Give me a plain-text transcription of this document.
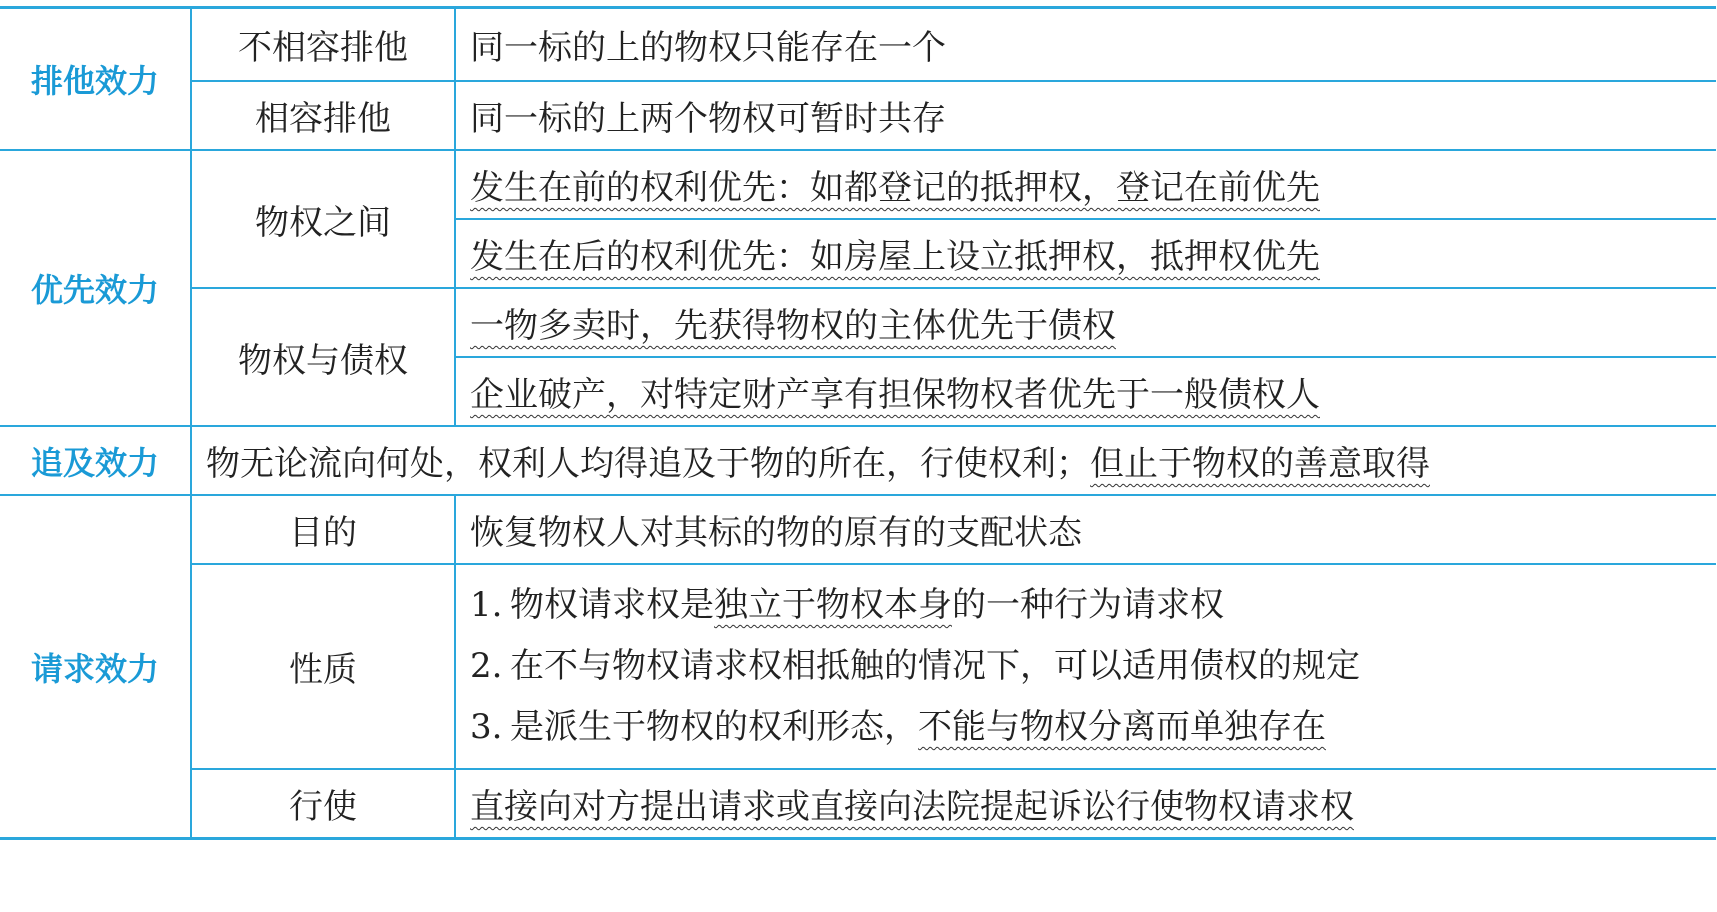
排他效力	不相容排他	同一标的上的物权只能存在一个
	相容排他	同一标的上两个物权可暂时共存
优先效力	物权之间	发生在前的权利优先：如都登记的抵押权，登记在前优先
		发生在后的权利优先：如房屋上设立抵押权，抵押权优先
	物权与债权	一物多卖时，先获得物权的主体优先于债权
		企业破产，对特定财产享有担保物权者优先于一般债权人
追及效力	物无论流向何处，权利人均得追及于物的所在，行使权利；但止于物权的善意取得	
请求效力	目的	恢复物权人对其标的物的原有的支配状态
	性质	1. 物权请求权是独立于物权本身的一种行为请求权
2. 在不与物权请求权相抵触的情况下，可以适用债权的规定
3. 是派生于物权的权利形态，不能与物权分离而单独存在

	行使	直接向对方提出请求或直接向法院提起诉讼行使物权请求权
